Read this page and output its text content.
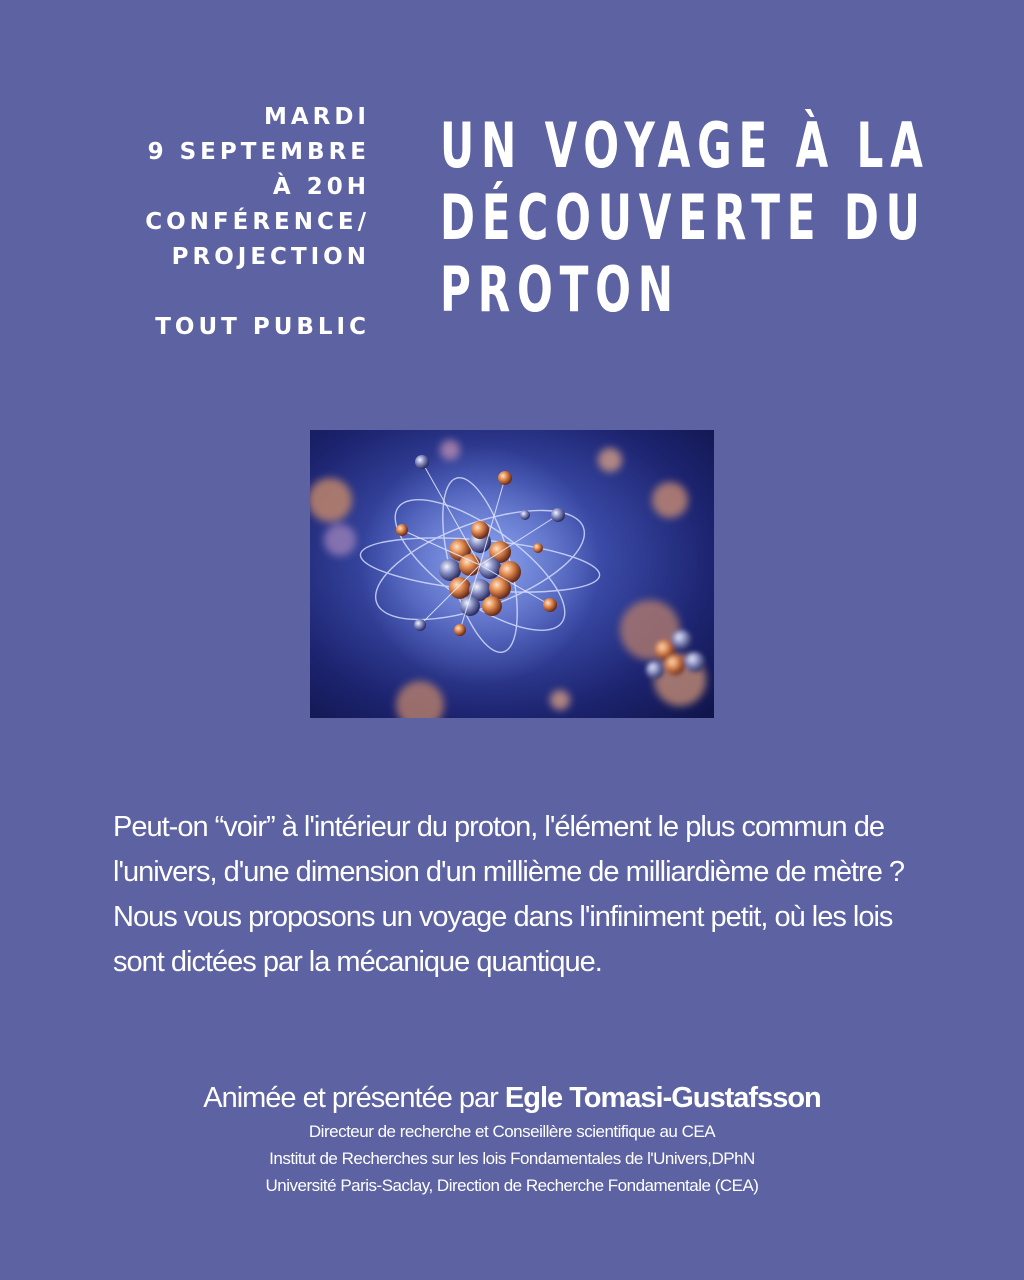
MARDI
9 SEPTEMBRE
À 20H
CONFÉRENCE/
PROJECTION
TOUT PUBLIC
UN VOYAGE À LA
DÉCOUVERTE DU
PROTON

Peut-on “voir” à l'intérieur du proton, l'élément le plus commun de l'univers, d'une dimension d'un millième de milliardième de mètre ?

Nous vous proposons un voyage dans l'infiniment petit, où les lois sont dictées par la mécanique quantique.

Animée et présentée par Egle Tomasi-Gustafsson
Directeur de recherche et Conseillère scientifique au CEA
Institut de Recherches sur les lois Fondamentales de l'Univers,DPhN
Université Paris-Saclay, Direction de Recherche Fondamentale (CEA)
